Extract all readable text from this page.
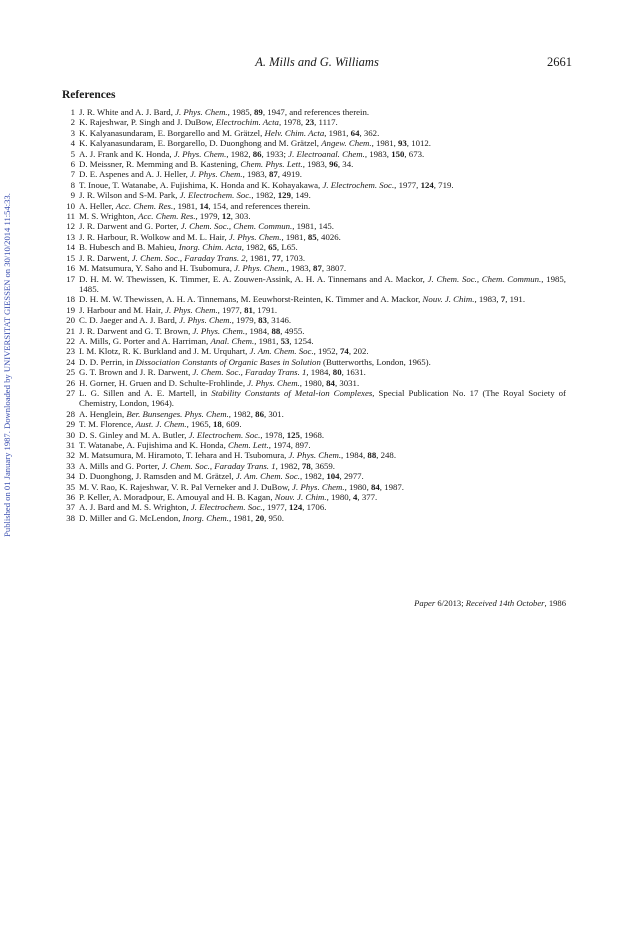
Published on 01 January 1987. Downloaded by UNIVERSITAT GIESSEN on 30/10/2014 11:54:33.
A. Mills and G. Williams	2661
References
1 J. R. White and A. J. Bard, J. Phys. Chem., 1985, 89, 1947, and references therein.
2 K. Rajeshwar, P. Singh and J. DuBow, Electrochim. Acta, 1978, 23, 1117.
3 K. Kalyanasundaram, E. Borgarello and M. Grätzel, Helv. Chim. Acta, 1981, 64, 362.
4 K. Kalyanasundaram, E. Borgarello, D. Duonghong and M. Grätzel, Angew. Chem., 1981, 93, 1012.
5 A. J. Frank and K. Honda, J. Phys. Chem., 1982, 86, 1933; J. Electroanal. Chem., 1983, 150, 673.
6 D. Meissner, R. Memming and B. Kastening, Chem. Phys. Lett., 1983, 96, 34.
7 D. E. Aspenes and A. J. Heller, J. Phys. Chem., 1983, 87, 4919.
8 T. Inoue, T. Watanabe, A. Fujishima, K. Honda and K. Kohayakawa, J. Electrochem. Soc., 1977, 124, 719.
9 J. R. Wilson and S-M. Park, J. Electrochem. Soc., 1982, 129, 149.
10 A. Heller, Acc. Chem. Res., 1981, 14, 154, and references therein.
11 M. S. Wrighton, Acc. Chem. Res., 1979, 12, 303.
12 J. R. Darwent and G. Porter, J. Chem. Soc., Chem. Commun., 1981, 145.
13 J. R. Harbour, R. Wolkow and M. L. Hair, J. Phys. Chem., 1981, 85, 4026.
14 B. Hubesch and B. Mahieu, Inorg. Chim. Acta, 1982, 65, L65.
15 J. R. Darwent, J. Chem. Soc., Faraday Trans. 2, 1981, 77, 1703.
16 M. Matsumura, Y. Saho and H. Tsubomura, J. Phys. Chem., 1983, 87, 3807.
17 D. H. M. W. Thewissen, K. Timmer, E. A. Zouwen-Assink, A. H. A. Tinnemans and A. Mackor, J. Chem. Soc., Chem. Commun., 1985, 1485.
18 D. H. M. W. Thewissen, A. H. A. Tinnemans, M. Eeuwhorst-Reinten, K. Timmer and A. Mackor, Nouv. J. Chim., 1983, 7, 191.
19 J. Harbour and M. Hair, J. Phys. Chem., 1977, 81, 1791.
20 C. D. Jaeger and A. J. Bard, J. Phys. Chem., 1979, 83, 3146.
21 J. R. Darwent and G. T. Brown, J. Phys. Chem., 1984, 88, 4955.
22 A. Mills, G. Porter and A. Harriman, Anal. Chem., 1981, 53, 1254.
23 I. M. Klotz, R. K. Burkland and J. M. Urquhart, J. Am. Chem. Soc., 1952, 74, 202.
24 D. D. Perrin, in Dissociation Constants of Organic Bases in Solution (Butterworths, London, 1965).
25 G. T. Brown and J. R. Darwent, J. Chem. Soc., Faraday Trans. 1, 1984, 80, 1631.
26 H. Gorner, H. Gruen and D. Schulte-Frohlinde, J. Phys. Chem., 1980, 84, 3031.
27 L. G. Sillen and A. E. Martell, in Stability Constants of Metal-ion Complexes, Special Publication No. 17 (The Royal Society of Chemistry, London, 1964).
28 A. Henglein, Ber. Bunsenges. Phys. Chem., 1982, 86, 301.
29 T. M. Florence, Aust. J. Chem., 1965, 18, 609.
30 D. S. Ginley and M. A. Butler, J. Electrochem. Soc., 1978, 125, 1968.
31 T. Watanabe, A. Fujishima and K. Honda, Chem. Lett., 1974, 897.
32 M. Matsumura, M. Hiramoto, T. Iehara and H. Tsubomura, J. Phys. Chem., 1984, 88, 248.
33 A. Mills and G. Porter, J. Chem. Soc., Faraday Trans. 1, 1982, 78, 3659.
34 D. Duonghong, J. Ramsden and M. Grätzel, J. Am. Chem. Soc., 1982, 104, 2977.
35 M. V. Rao, K. Rajeshwar, V. R. Pal Verneker and J. DuBow, J. Phys. Chem., 1980, 84, 1987.
36 P. Keller, A. Moradpour, E. Amouyal and H. B. Kagan, Nouv. J. Chim., 1980, 4, 377.
37 A. J. Bard and M. S. Wrighton, J. Electrochem. Soc., 1977, 124, 1706.
38 D. Miller and G. McLendon, Inorg. Chem., 1981, 20, 950.
Paper 6/2013; Received 14th October, 1986
